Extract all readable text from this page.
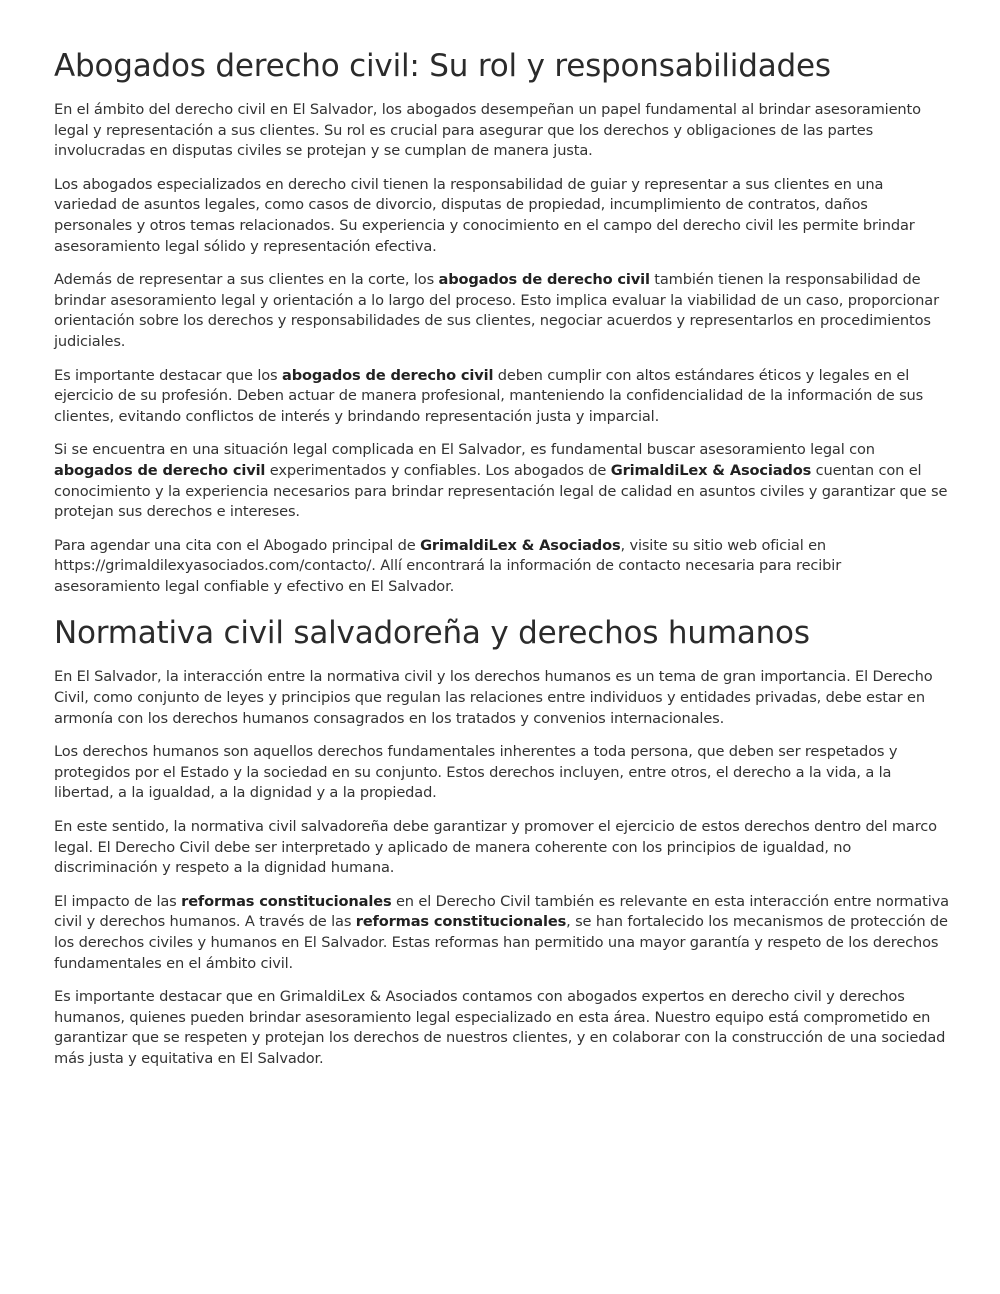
Abogados derecho civil: Su rol y responsabilidades

En el ámbito del derecho civil en El Salvador, los abogados desempeñan un papel fundamental al brindar asesoramiento legal y representación a sus clientes. Su rol es crucial para asegurar que los derechos y obligaciones de las partes involucradas en disputas civiles se protejan y se cumplan de manera justa.

Los abogados especializados en derecho civil tienen la responsabilidad de guiar y representar a sus clientes en una variedad de asuntos legales, como casos de divorcio, disputas de propiedad, incumplimiento de contratos, daños personales y otros temas relacionados. Su experiencia y conocimiento en el campo del derecho civil les permite brindar asesoramiento legal sólido y representación efectiva.

Además de representar a sus clientes en la corte, los abogados de derecho civil también tienen la responsabilidad de brindar asesoramiento legal y orientación a lo largo del proceso. Esto implica evaluar la viabilidad de un caso, proporcionar orientación sobre los derechos y responsabilidades de sus clientes, negociar acuerdos y representarlos en procedimientos judiciales.

Es importante destacar que los abogados de derecho civil deben cumplir con altos estándares éticos y legales en el ejercicio de su profesión. Deben actuar de manera profesional, manteniendo la confidencialidad de la información de sus clientes, evitando conflictos de interés y brindando representación justa y imparcial.

Si se encuentra en una situación legal complicada en El Salvador, es fundamental buscar asesoramiento legal con abogados de derecho civil experimentados y confiables. Los abogados de GrimaldiLex & Asociados cuentan con el conocimiento y la experiencia necesarios para brindar representación legal de calidad en asuntos civiles y garantizar que se protejan sus derechos e intereses.

Para agendar una cita con el Abogado principal de GrimaldiLex & Asociados, visite su sitio web oficial en https://grimaldilexyasociados.com/contacto/. Allí encontrará la información de contacto necesaria para recibir asesoramiento legal confiable y efectivo en El Salvador.

Normativa civil salvadoreña y derechos humanos

En El Salvador, la interacción entre la normativa civil y los derechos humanos es un tema de gran importancia. El Derecho Civil, como conjunto de leyes y principios que regulan las relaciones entre individuos y entidades privadas, debe estar en armonía con los derechos humanos consagrados en los tratados y convenios internacionales.

Los derechos humanos son aquellos derechos fundamentales inherentes a toda persona, que deben ser respetados y protegidos por el Estado y la sociedad en su conjunto. Estos derechos incluyen, entre otros, el derecho a la vida, a la libertad, a la igualdad, a la dignidad y a la propiedad.

En este sentido, la normativa civil salvadoreña debe garantizar y promover el ejercicio de estos derechos dentro del marco legal. El Derecho Civil debe ser interpretado y aplicado de manera coherente con los principios de igualdad, no discriminación y respeto a la dignidad humana.

El impacto de las reformas constitucionales en el Derecho Civil también es relevante en esta interacción entre normativa civil y derechos humanos. A través de las reformas constitucionales, se han fortalecido los mecanismos de protección de los derechos civiles y humanos en El Salvador. Estas reformas han permitido una mayor garantía y respeto de los derechos fundamentales en el ámbito civil.

Es importante destacar que en GrimaldiLex & Asociados contamos con abogados expertos en derecho civil y derechos humanos, quienes pueden brindar asesoramiento legal especializado en esta área. Nuestro equipo está comprometido en garantizar que se respeten y protejan los derechos de nuestros clientes, y en colaborar con la construcción de una sociedad más justa y equitativa en El Salvador.
